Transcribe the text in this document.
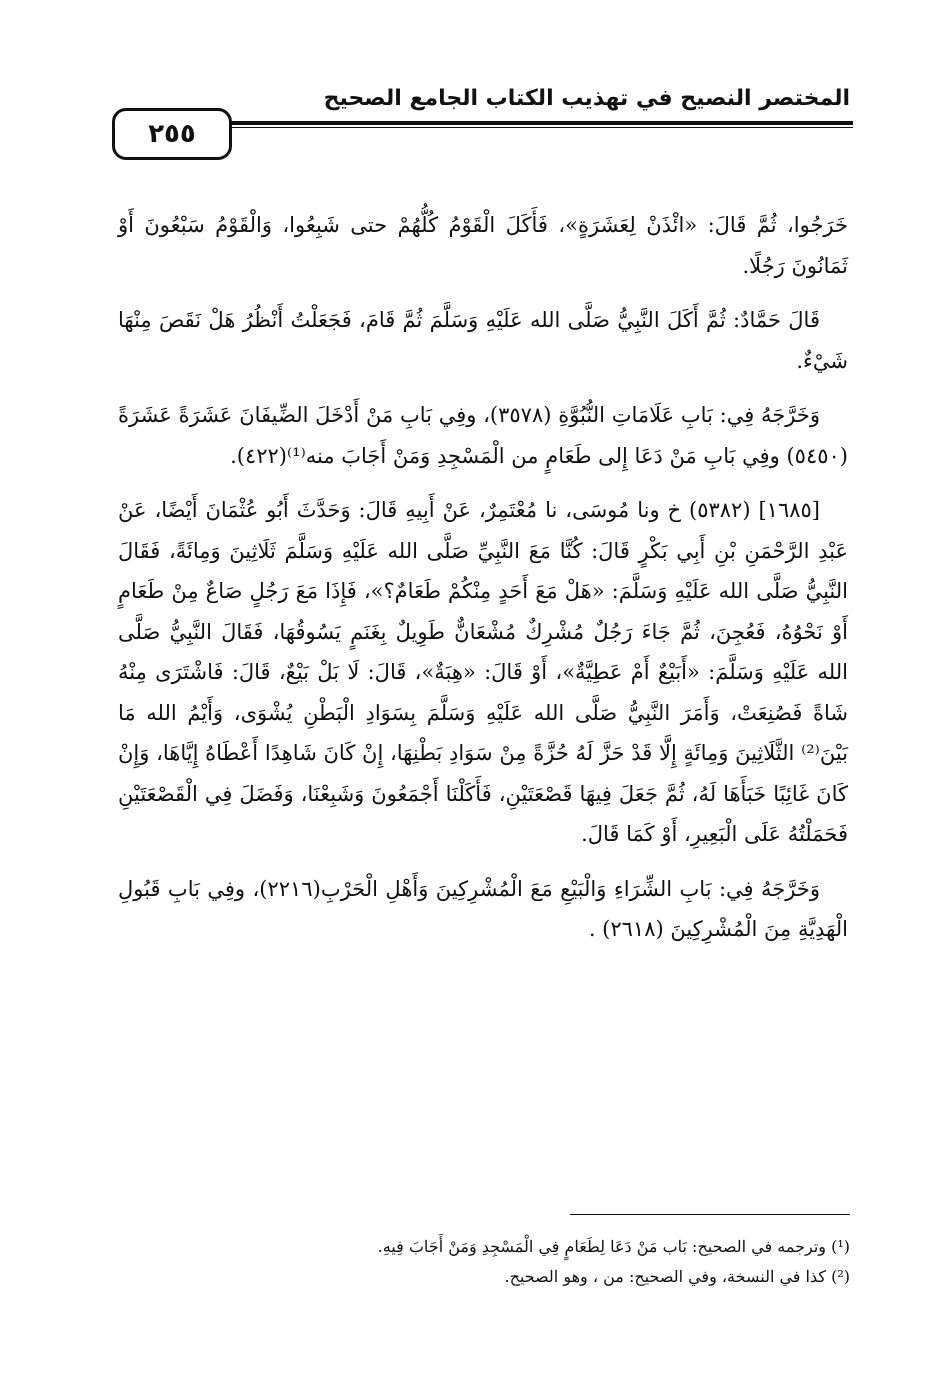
المختصر النصيح في تهذيب الكتاب الجامع الصحيح
٢٥٥

خَرَجُوا، ثُمَّ قَالَ: «ائْذَنْ لِعَشَرَةٍ»، فَأَكَلَ الْقَوْمُ كُلُّهُمْ حتى شَبِعُوا، وَالْقَوْمُ سَبْعُونَ أَوْ ثَمَانُونَ رَجُلًا.

قَالَ حَمَّادٌ: ثُمَّ أَكَلَ النَّبِيُّ صَلَّى الله عَلَيْهِ وَسَلَّمَ ثُمَّ قَامَ، فَجَعَلْتُ أَنْظُرُ هَلْ نَقَصَ مِنْهَا شَيْءٌ.

وَخَرَّجَهُ فِي: بَابِ عَلَامَاتِ النُّبُوَّةِ (٣٥٧٨)، وفِي بَابِ مَنْ أَدْخَلَ الضِّيفَانَ عَشَرَةً عَشَرَةً (٥٤٥٠) وفِي بَابِ مَنْ دَعَا إِلى طَعَامٍ من الْمَسْجِدِ وَمَنْ أَجَابَ منه⁽¹⁾(٤٢٢).

[١٦٨٥] (٥٣٨٢) خ ونا مُوسَى، نا مُعْتَمِرٌ، عَنْ أَبِيهِ قَالَ: وَحَدَّثَ أَبُو عُثْمَانَ أَيْضًا، عَنْ عَبْدِ الرَّحْمَنِ بْنِ أَبِي بَكْرٍ قَالَ: كُنَّا مَعَ النَّبِيِّ صَلَّى الله عَلَيْهِ وَسَلَّمَ ثَلَاثِينَ وَمِائَةً، فَقَالَ النَّبِيُّ صَلَّى الله عَلَيْهِ وَسَلَّمَ: «هَلْ مَعَ أَحَدٍ مِنْكُمْ طَعَامٌ؟»، فَإِذَا مَعَ رَجُلٍ صَاعٌ مِنْ طَعَامٍ أَوْ نَحْوُهُ، فَعُجِنَ، ثُمَّ جَاءَ رَجُلٌ مُشْرِكٌ مُشْعَانٌّ طَوِيلٌ بِغَنَمٍ يَسُوقُهَا، فَقَالَ النَّبِيُّ صَلَّى الله عَلَيْهِ وَسَلَّمَ: «أَبَيْعٌ أَمْ عَطِيَّةٌ»، أَوْ قَالَ: «هِبَةٌ»، قَالَ: لَا بَلْ بَيْعٌ، قَالَ: فَاشْتَرَى مِنْهُ شَاةً فَصُنِعَتْ، وَأَمَرَ النَّبِيُّ صَلَّى الله عَلَيْهِ وَسَلَّمَ بِسَوَادِ الْبَطْنِ يُشْوَى، وَأَيْمُ الله مَا بَيْنَ⁽²⁾ الثَّلَاثِينَ وَمِائَةٍ إِلَّا قَدْ حَزَّ لَهُ حُزَّةً مِنْ سَوَادِ بَطْنِهَا، إِنْ كَانَ شَاهِدًا أَعْطَاهُ إِيَّاهَا، وَإِنْ كَانَ غَائِبًا خَبَأَهَا لَهُ، ثُمَّ جَعَلَ فِيهَا قَصْعَتَيْنِ، فَأَكَلْنَا أَجْمَعُونَ وَشَبِعْنَا، وَفَضَلَ فِي الْقَصْعَتَيْنِ فَحَمَلْتُهُ عَلَى الْبَعِيرِ، أَوْ كَمَا قَالَ.

وَخَرَّجَهُ فِي: بَابِ الشِّرَاءِ وَالْبَيْعِ مَعَ الْمُشْرِكِينَ وَأَهْلِ الْحَرْبِ(٢٢١٦)، وفِي بَابِ قَبُولِ الْهَدِيَّةِ مِنَ الْمُشْرِكِينَ (٢٦١٨) .

(¹) وترجمه في الصحيح: بَاب مَنْ دَعَا لِطَعَامٍ فِي الْمَسْجِدِ وَمَنْ أَجَابَ فِيهِ.
(²) كذا في النسخة، وفي الصحيح: من ، وهو الصحيح.
